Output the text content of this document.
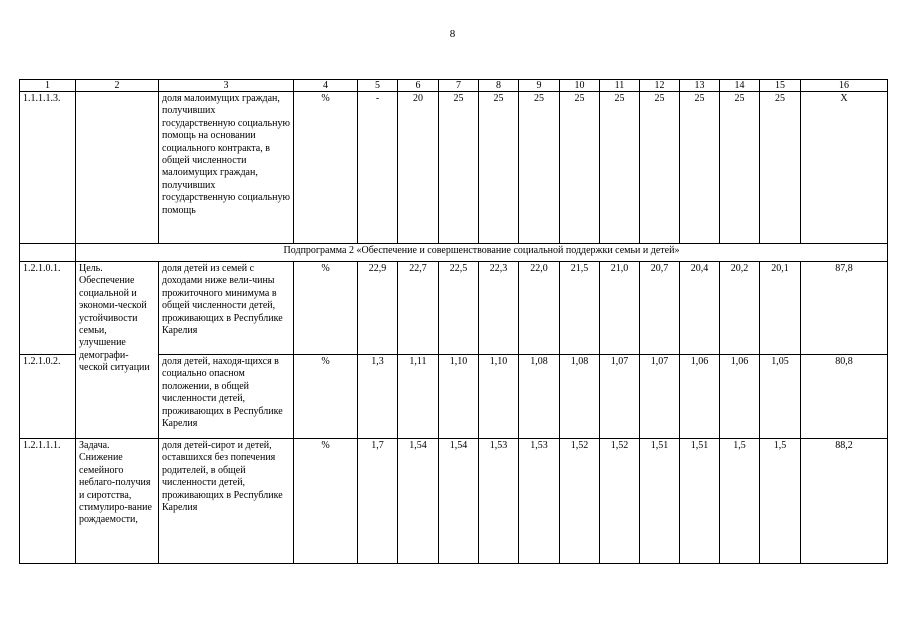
8
1	2	3	4	5	6	7	8	9	10	11	12	13	14	15	16
1.1.1.1.3.		доля малоимущих граждан, получивших государственную социальную помощь на основании социального контракта, в общей численности малоимущих граждан, получивших государственную социальную помощь	%	-	20	25	25	25	25	25	25	25	25	25	Х
	Подпрограмма 2 «Обеспечение и совершенствование социальной поддержки семьи и детей»														
1.2.1.0.1.	Цель. Обеспечение социальной и экономи-ческой устойчивости семьи, улучшение демографи-ческой ситуации	доля детей из семей с доходами ниже вели-чины прожиточного минимума в общей численности детей, проживающих в Республике Карелия	%	22,9	22,7	22,5	22,3	22,0	21,5	21,0	20,7	20,4	20,2	20,1	87,8
1.2.1.0.2.		доля детей, находя-щихся в социально опасном положении, в общей численности детей, проживающих в Республике Карелия	%	1,3	1,11	1,10	1,10	1,08	1,08	1,07	1,07	1,06	1,06	1,05	80,8
1.2.1.1.1.	Задача. Снижение семейного неблаго-получия и сиротства, стимулиро-вание рождаемости,	доля детей-сирот и детей, оставшихся без попечения родителей, в общей численности детей, проживающих в Республике Карелия	%	1,7	1,54	1,54	1,53	1,53	1,52	1,52	1,51	1,51	1,5	1,5	88,2
